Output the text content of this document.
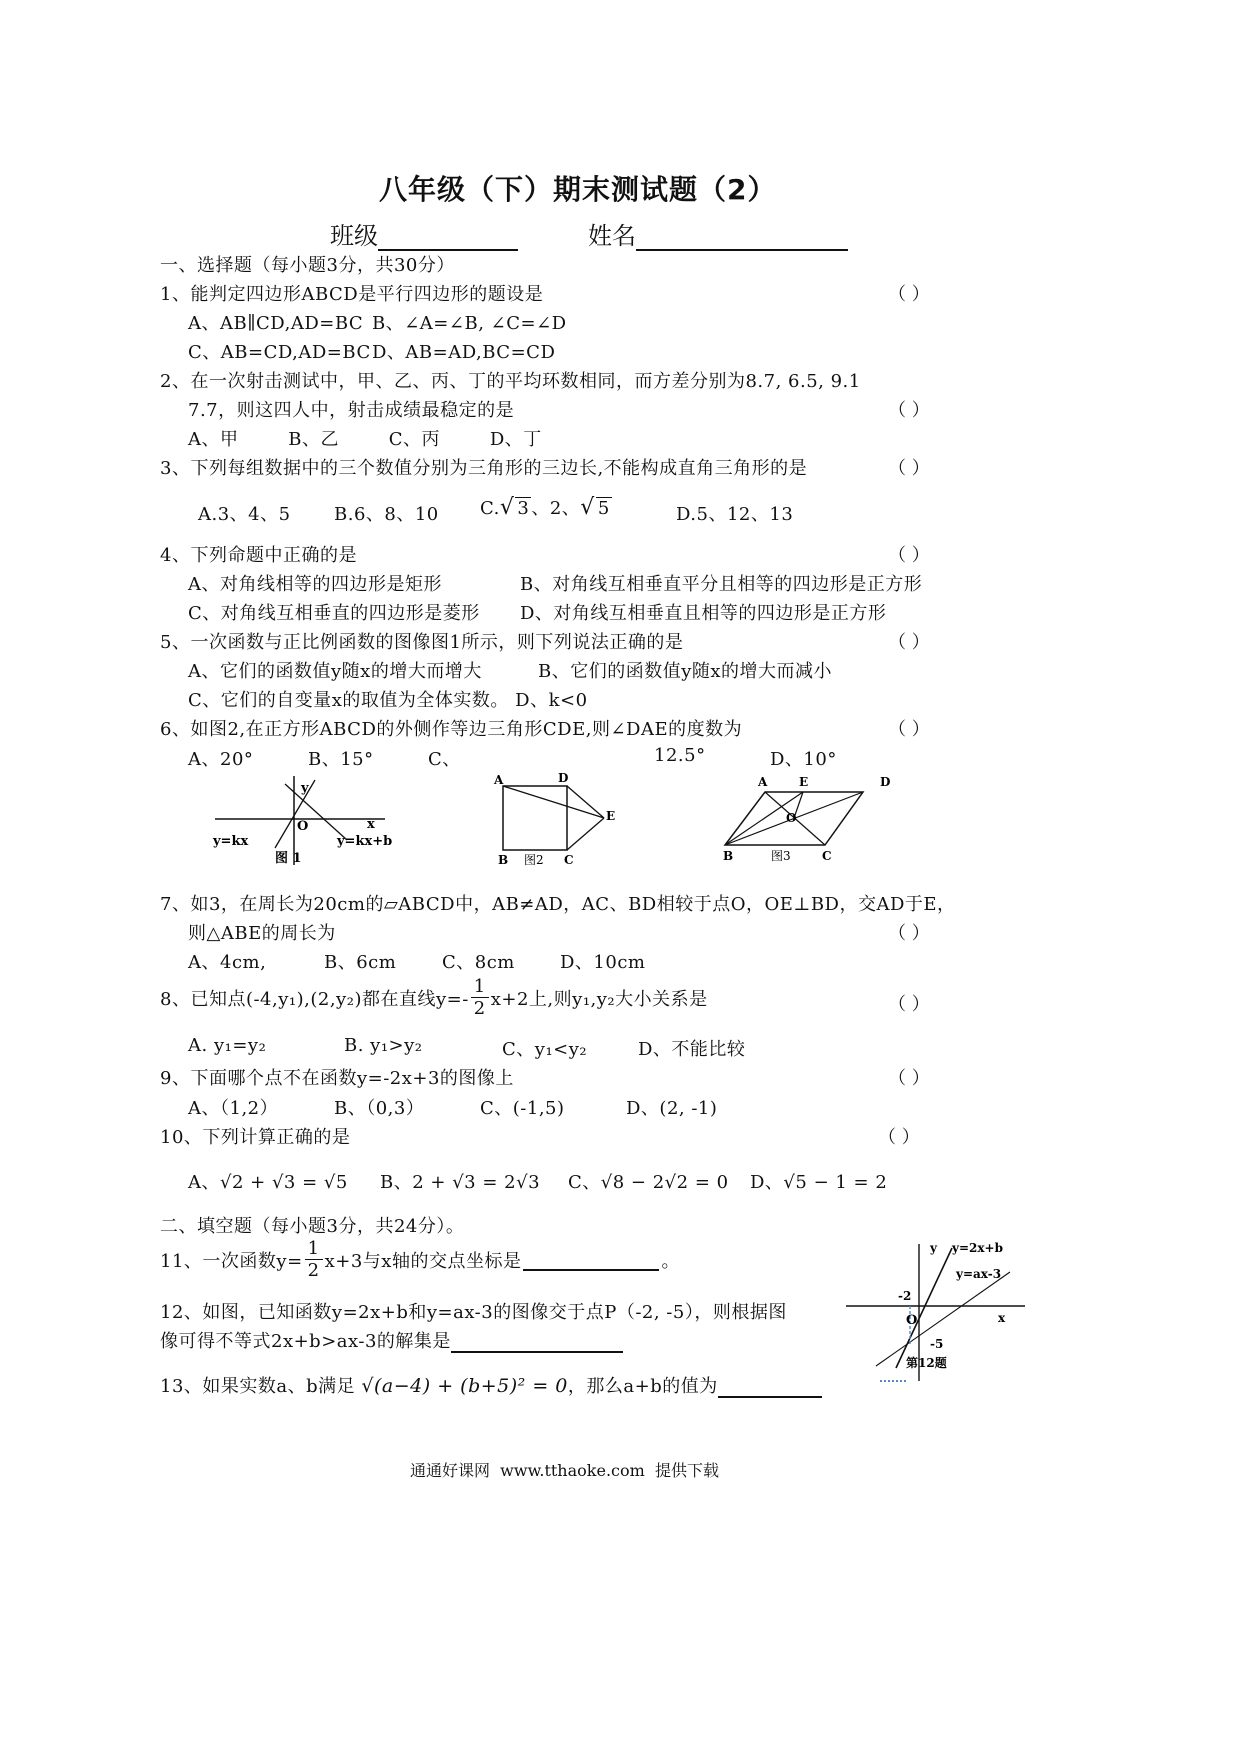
八年级（下）期末测试题（2）
班级	姓名
一、选择题（每小题3分，共30分）
1、能判定四边形ABCD是平行四边形的题设是	（ ）
A、AB∥CD,AD=BC B、∠A=∠B, ∠C=∠D
C、AB=CD,AD=BC D、AB=AD,BC=CD
2、在一次射击测试中，甲、乙、丙、丁的平均环数相同，而方差分别为8.7, 6.5, 9.1
7.7，则这四人中，射击成绩最稳定的是	（ ）
A、甲        B、乙        C、丙        D、丁
3、下列每组数据中的三个数值分别为三角形的三边长,不能构成直角三角形的是	（ ）
A.3、4、5 B.6、8、10 C.√ 3 、2、√ 5	D.5、12、13
4、下列命题中正确的是	（ ）
A、对角线相等的四边形是矩形	B、对角线互相垂直平分且相等的四边形是正方形
C、对角线互相垂直的四边形是菱形 D、对角线互相垂直且相等的四边形是正方形
5、一次函数与正比例函数的图像图1所示，则下列说法正确的是	（ ）
A、它们的函数值y随x的增大而增大	B、它们的函数值y随x的增大而减小
C、它们的自变量x的取值为全体实数。 D、k<0
6、如图2,在正方形ABCD的外侧作等边三角形CDE,则∠DAE的度数为	（ ）
A、20°	B、15°	C、	12.5°	D、10°
y
x
O
y=kx	y=kx+b
图 1
A	D
E
B 图2 C
A	E	D
O
B	图3	C
7、如3，在周长为20cm的▱ABCD中，AB≠AD，AC、BD相较于点O，OE⊥BD，交AD于E，
则△ABE的周长为	（ ）
A、4cm,	B、6cm	C、8cm	D、10cm
8、已知点(-4,y₁),(2,y₂)都在直线$y=- \frac{1}{2} x+2$上,则y₁,y₂大小关系是	（ ）
A. y₁=y₂	B. y₁>y₂	C、y₁<y₂	D、不能比较
9、下面哪个点不在函数y=-2x+3的图像上	（ ）
A、（1,2）	B、（0,3）	C、(-1,5)	D、(2, -1)
10、下列计算正确的是	（ ）
A、√2 + √3 = √5 B、2 + √3 = 2√3 C、√8 − 2√2 = 0 D、√5 − 1 = 2
二、填空题（每小题3分，共24分）。
11、一次函数$y= \frac{1}{2} x+3$与x轴的交点坐标是	。
12、如图，已知函数y=2x+b和y=ax-3的图像交于点P（-2, -5），则根据图
像可得不等式2x+b>ax-3的解集是
13、如果实数a、b满足 √(a−4) + (b+5)² = 0，那么a+b的值为
y y=2x+b
y=ax-3
-2
x
O
-5
第12题
通通好课网  www.tthaoke.com  提供下载
